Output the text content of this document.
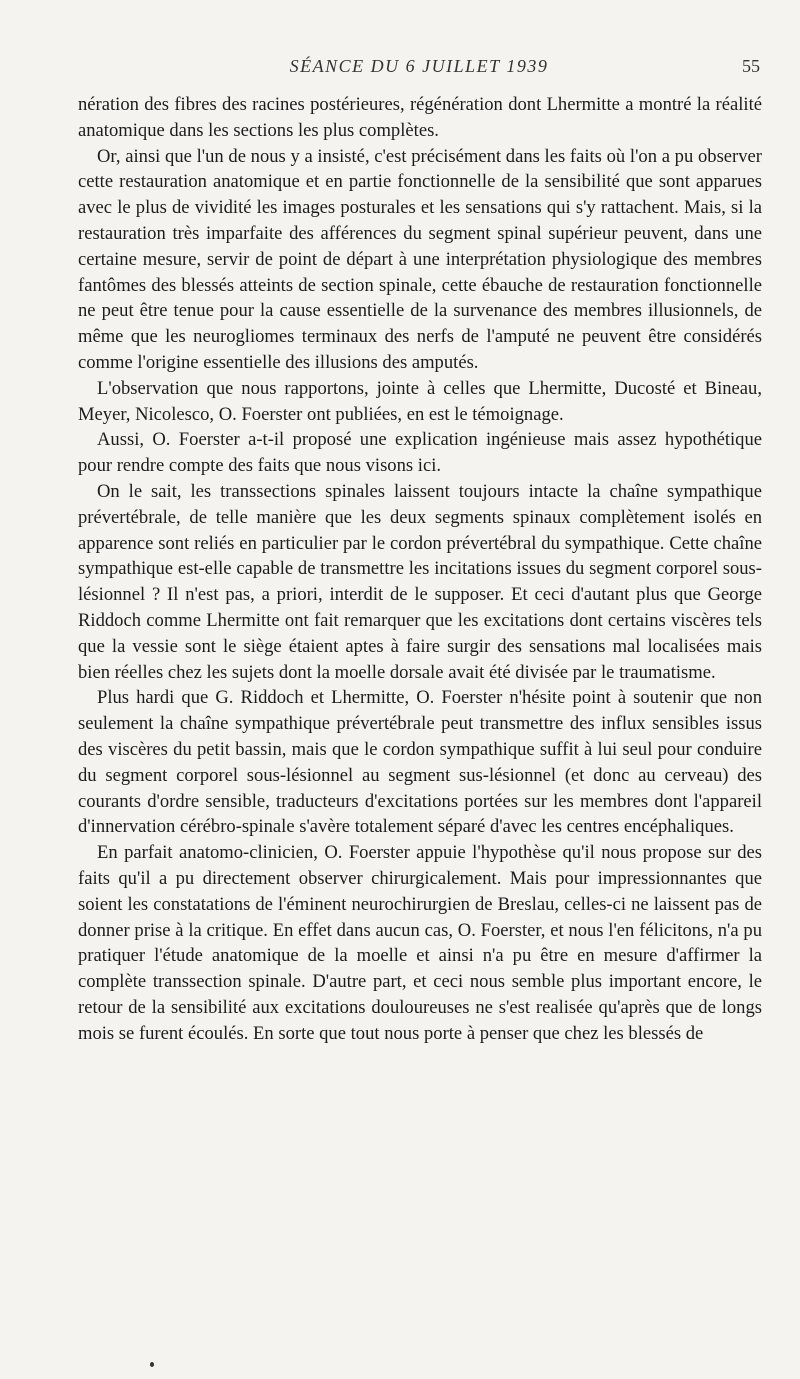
SÉANCE DU 6 JUILLET 1939	55

nération des fibres des racines postérieures, régénération dont Lhermitte a montré la réalité anatomique dans les sections les plus complètes.

Or, ainsi que l'un de nous y a insisté, c'est précisément dans les faits où l'on a pu observer cette restauration anatomique et en partie fonctionnelle de la sensibilité que sont apparues avec le plus de vividité les images posturales et les sensations qui s'y rattachent. Mais, si la restauration très imparfaite des afférences du segment spinal supérieur peuvent, dans une certaine mesure, servir de point de départ à une interprétation physiologique des membres fantômes des blessés atteints de section spinale, cette ébauche de restauration fonctionnelle ne peut être tenue pour la cause essentielle de la survenance des membres illusionnels, de même que les neurogliomes terminaux des nerfs de l'amputé ne peuvent être considérés comme l'origine essentielle des illusions des amputés.

L'observation que nous rapportons, jointe à celles que Lhermitte, Ducosté et Bineau, Meyer, Nicolesco, O. Foerster ont publiées, en est le témoignage.

Aussi, O. Foerster a-t-il proposé une explication ingénieuse mais assez hypothétique pour rendre compte des faits que nous visons ici.

On le sait, les transsections spinales laissent toujours intacte la chaîne sympathique prévertébrale, de telle manière que les deux segments spinaux complètement isolés en apparence sont reliés en particulier par le cordon prévertébral du sympathique. Cette chaîne sympathique est-elle capable de transmettre les incitations issues du segment corporel sous-lésionnel ? Il n'est pas, a priori, interdit de le supposer. Et ceci d'autant plus que George Riddoch comme Lhermitte ont fait remarquer que les excitations dont certains viscères tels que la vessie sont le siège étaient aptes à faire surgir des sensations mal localisées mais bien réelles chez les sujets dont la moelle dorsale avait été divisée par le traumatisme.

Plus hardi que G. Riddoch et Lhermitte, O. Foerster n'hésite point à soutenir que non seulement la chaîne sympathique prévertébrale peut transmettre des influx sensibles issus des viscères du petit bassin, mais que le cordon sympathique suffit à lui seul pour conduire du segment corporel sous-lésionnel au segment sus-lésionnel (et donc au cerveau) des courants d'ordre sensible, traducteurs d'excitations portées sur les membres dont l'appareil d'innervation cérébro-spinale s'avère totalement séparé d'avec les centres encéphaliques.

En parfait anatomo-clinicien, O. Foerster appuie l'hypothèse qu'il nous propose sur des faits qu'il a pu directement observer chirurgicalement. Mais pour impressionnantes que soient les constatations de l'éminent neurochirurgien de Breslau, celles-ci ne laissent pas de donner prise à la critique. En effet dans aucun cas, O. Foerster, et nous l'en félicitons, n'a pu pratiquer l'étude anatomique de la moelle et ainsi n'a pu être en mesure d'affirmer la complète transsection spinale. D'autre part, et ceci nous semble plus important encore, le retour de la sensibilité aux excitations douloureuses ne s'est realisée qu'après que de longs mois se furent écoulés. En sorte que tout nous porte à penser que chez les blessés de
